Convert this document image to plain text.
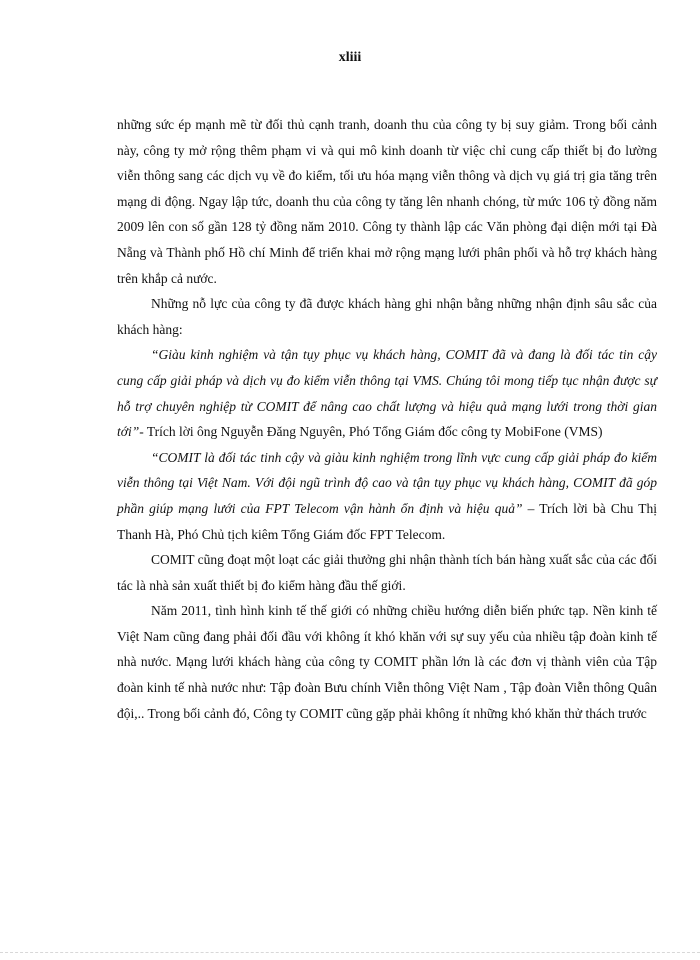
xliii

những sức ép mạnh mẽ từ đối thủ cạnh tranh, doanh thu của công ty bị suy giảm. Trong bối cảnh này, công ty mở rộng thêm phạm vi và qui mô kinh doanh từ việc chỉ cung cấp thiết bị đo lường viễn thông sang các dịch vụ về đo kiểm, tối ưu hóa mạng viễn thông và dịch vụ giá trị gia tăng trên mạng di động. Ngay lập tức, doanh thu của công ty tăng lên nhanh chóng, từ mức 106 tỷ đồng năm 2009 lên con số gần 128 tỷ đồng năm 2010. Công ty thành lập các Văn phòng đại diện mới tại Đà Nẵng và Thành phố Hồ chí Minh để triển khai mở rộng mạng lưới phân phối và hỗ trợ khách hàng trên khắp cả nước.

Những nỗ lực của công ty đã được khách hàng ghi nhận bằng những nhận định sâu sắc của khách hàng:

“Giàu kinh nghiệm và tận tụy phục vụ khách hàng, COMIT đã và đang là đối tác tin cậy cung cấp giải pháp và dịch vụ đo kiểm viễn thông tại VMS. Chúng tôi mong tiếp tục nhận được sự hỗ trợ chuyên nghiệp từ COMIT để nâng cao chất lượng và hiệu quả mạng lưới trong thời gian tới”- Trích lời ông Nguyễn Đăng Nguyên, Phó Tổng Giám đốc công ty MobiFone (VMS)

“COMIT là đối tác tinh cậy và giàu kinh nghiệm trong lĩnh vực cung cấp giải pháp đo kiểm viễn thông tại Việt Nam. Với đội ngũ trình độ cao và tận tụy phục vụ khách hàng, COMIT đã góp phần giúp mạng lưới của FPT Telecom vận hành ổn định và hiệu quả” – Trích lời bà Chu Thị Thanh Hà, Phó Chủ tịch kiêm Tổng Giám đốc FPT Telecom.

COMIT cũng đoạt một loạt các giải thưởng ghi nhận thành tích bán hàng xuất sắc của các đối tác là nhà sản xuất thiết bị đo kiểm hàng đầu thế giới.

Năm 2011, tình hình kinh tế thế giới có những chiều hướng diễn biến phức tạp. Nền kinh tế Việt Nam cũng đang phải đối đầu với không ít khó khăn với sự suy yếu của nhiều tập đoàn kinh tế nhà nước. Mạng lưới khách hàng của công ty COMIT phần lớn là các đơn vị thành viên của Tập đoàn kinh tế nhà nước như: Tập đoàn Bưu chính Viễn thông Việt Nam , Tập đoàn Viễn thông Quân đội,.. Trong bối cảnh đó, Công ty COMIT cũng gặp phải không ít những khó khăn thử thách trước
